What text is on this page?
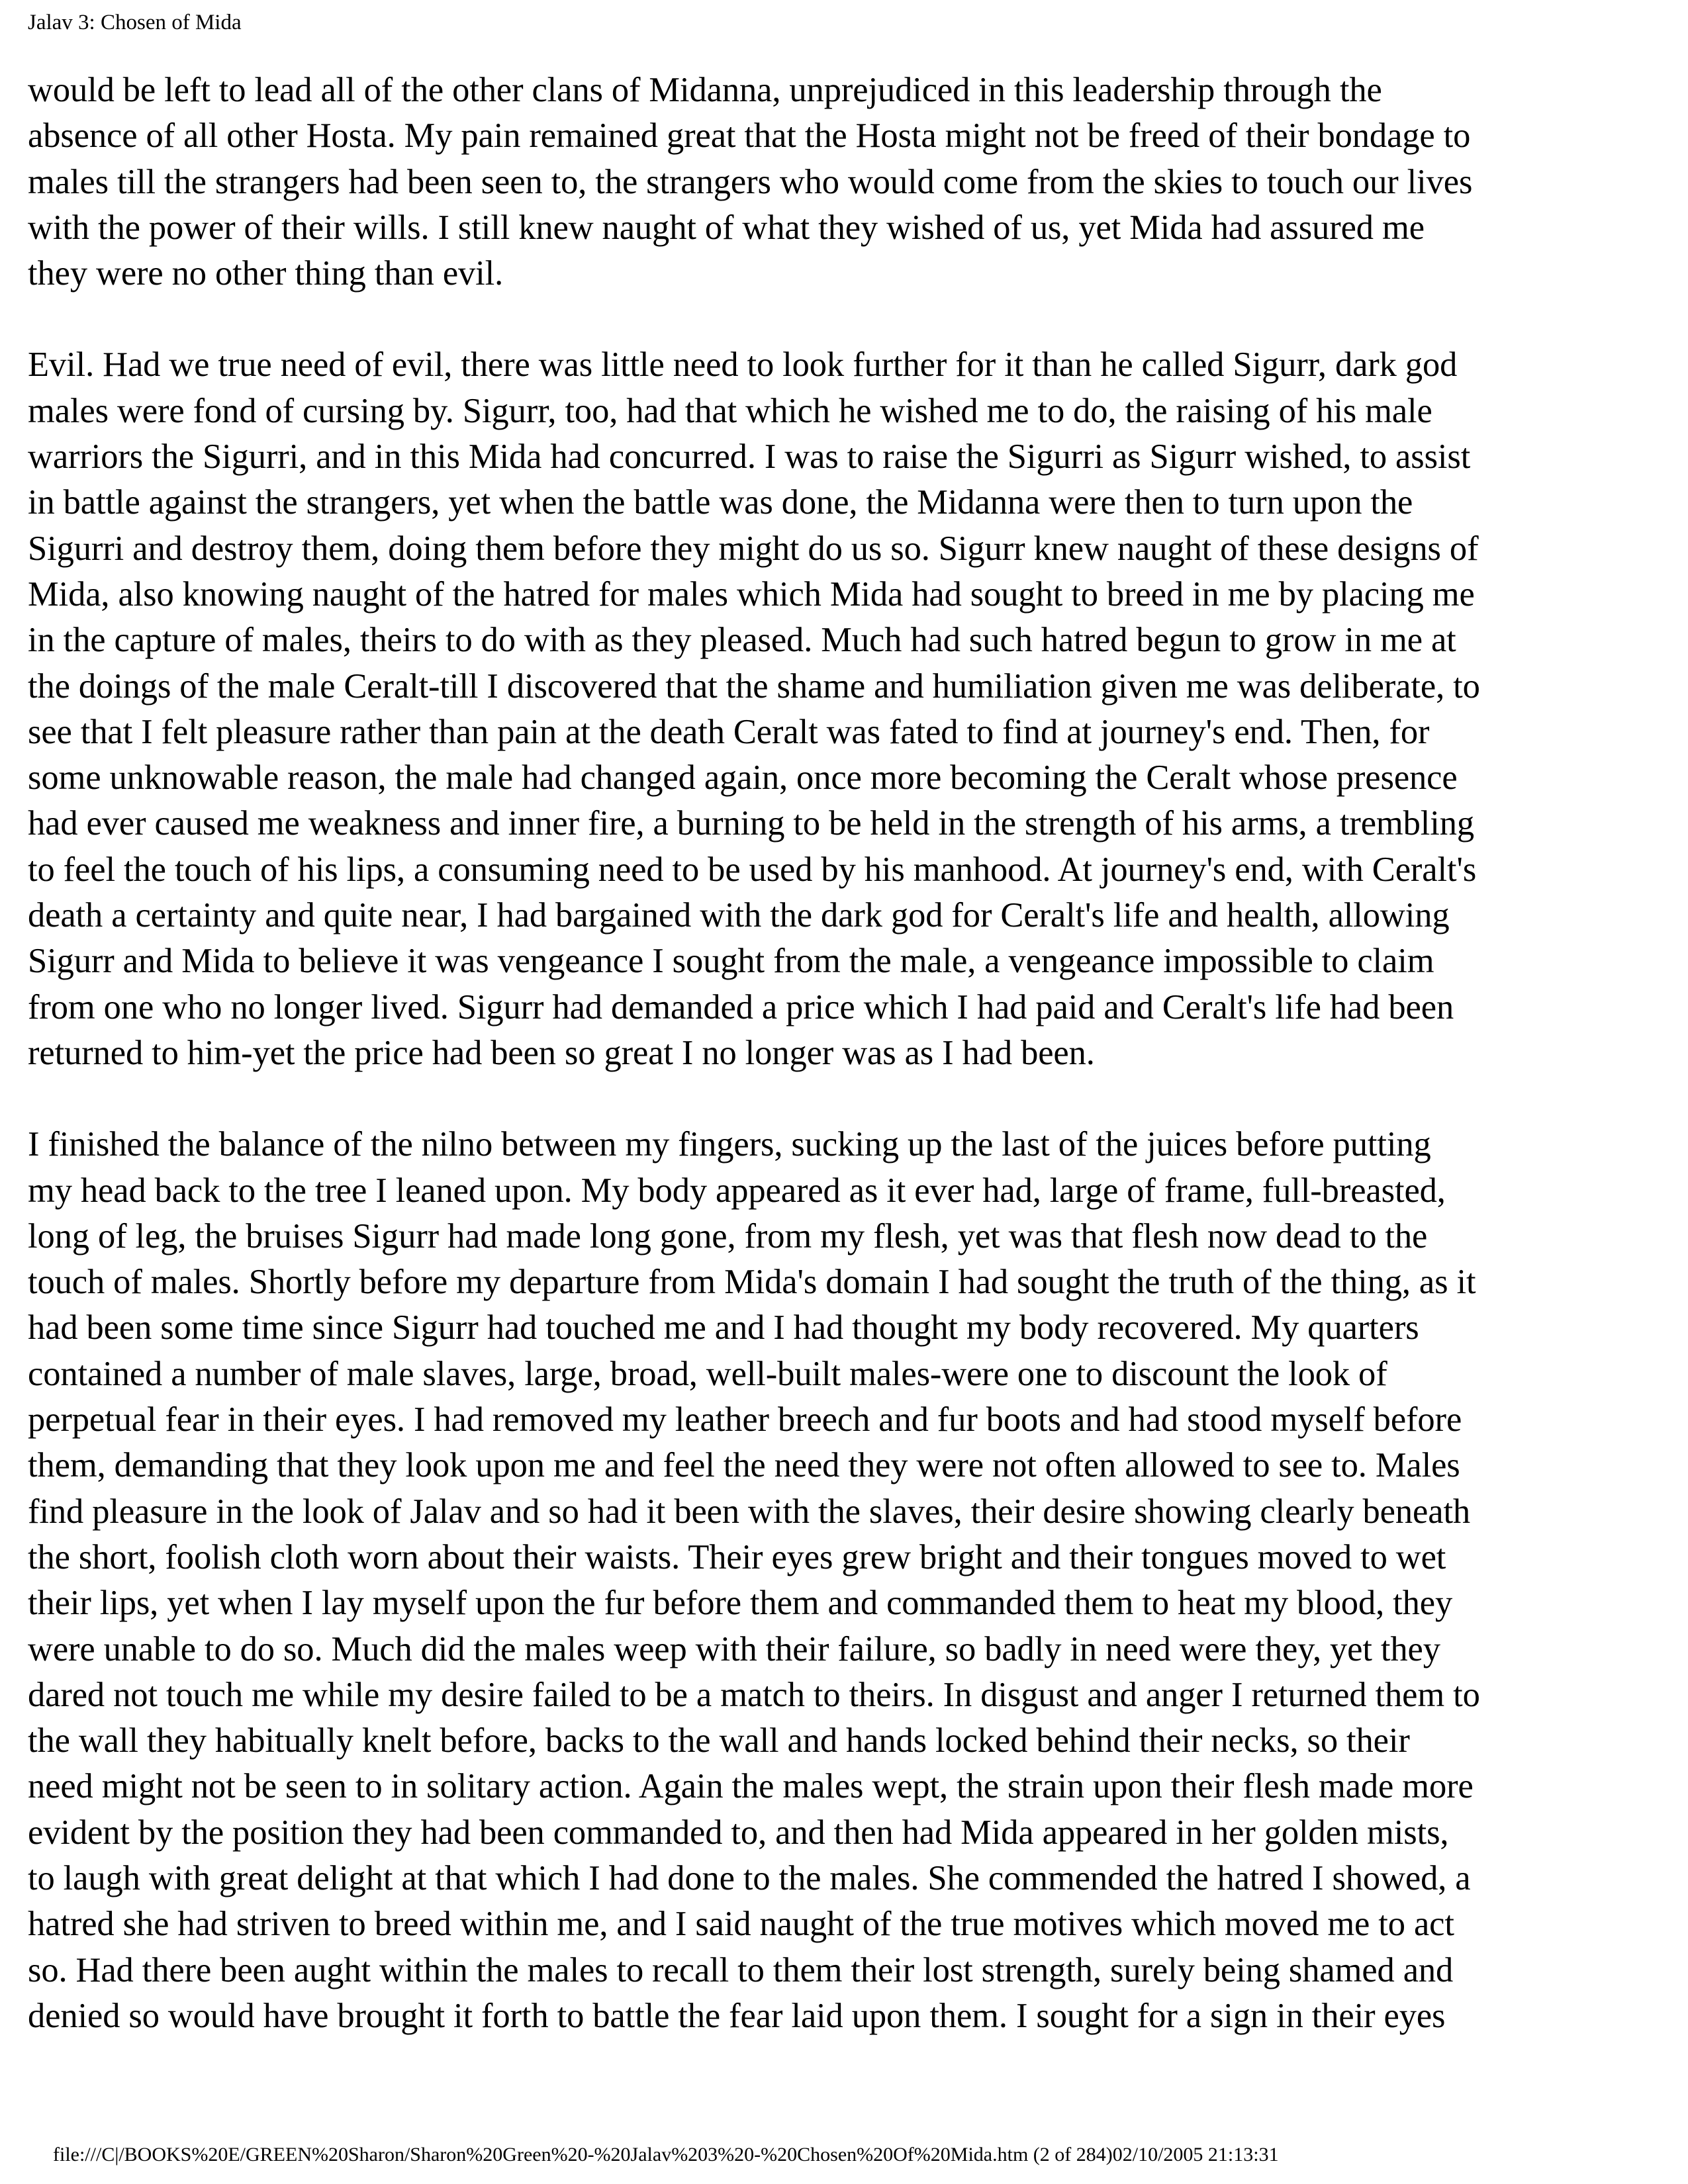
Jalav 3: Chosen of Mida

would be left to lead all of the other clans of Midanna, unprejudiced in this leadership through the
absence of all other Hosta. My pain remained great that the Hosta might not be freed of their bondage to
males till the strangers had been seen to, the strangers who would come from the skies to touch our lives
with the power of their wills. I still knew naught of what they wished of us, yet Mida had assured me
they were no other thing than evil.

Evil. Had we true need of evil, there was little need to look further for it than he called Sigurr, dark god
males were fond of cursing by. Sigurr, too, had that which he wished me to do, the raising of his male
warriors the Sigurri, and in this Mida had concurred. I was to raise the Sigurri as Sigurr wished, to assist
in battle against the strangers, yet when the battle was done, the Midanna were then to turn upon the
Sigurri and destroy them, doing them before they might do us so. Sigurr knew naught of these designs of
Mida, also knowing naught of the hatred for males which Mida had sought to breed in me by placing me
in the capture of males, theirs to do with as they pleased. Much had such hatred begun to grow in me at
the doings of the male Ceralt-till I discovered that the shame and humiliation given me was deliberate, to
see that I felt pleasure rather than pain at the death Ceralt was fated to find at journey's end. Then, for
some unknowable reason, the male had changed again, once more becoming the Ceralt whose presence
had ever caused me weakness and inner fire, a burning to be held in the strength of his arms, a trembling
to feel the touch of his lips, a consuming need to be used by his manhood. At journey's end, with Ceralt's
death a certainty and quite near, I had bargained with the dark god for Ceralt's life and health, allowing
Sigurr and Mida to believe it was vengeance I sought from the male, a vengeance impossible to claim
from one who no longer lived. Sigurr had demanded a price which I had paid and Ceralt's life had been
returned to him-yet the price had been so great I no longer was as I had been.

I finished the balance of the nilno between my fingers, sucking up the last of the juices before putting
my head back to the tree I leaned upon. My body appeared as it ever had, large of frame, full-breasted,
long of leg, the bruises Sigurr had made long gone, from my flesh, yet was that flesh now dead to the
touch of males. Shortly before my departure from Mida's domain I had sought the truth of the thing, as it
had been some time since Sigurr had touched me and I had thought my body recovered. My quarters
contained a number of male slaves, large, broad, well-built males-were one to discount the look of
perpetual fear in their eyes. I had removed my leather breech and fur boots and had stood myself before
them, demanding that they look upon me and feel the need they were not often allowed to see to. Males
find pleasure in the look of Jalav and so had it been with the slaves, their desire showing clearly beneath
the short, foolish cloth worn about their waists. Their eyes grew bright and their tongues moved to wet
their lips, yet when I lay myself upon the fur before them and commanded them to heat my blood, they
were unable to do so. Much did the males weep with their failure, so badly in need were they, yet they
dared not touch me while my desire failed to be a match to theirs. In disgust and anger I returned them to
the wall they habitually knelt before, backs to the wall and hands locked behind their necks, so their
need might not be seen to in solitary action. Again the males wept, the strain upon their flesh made more
evident by the position they had been commanded to, and then had Mida appeared in her golden mists,
to laugh with great delight at that which I had done to the males. She commended the hatred I showed, a
hatred she had striven to breed within me, and I said naught of the true motives which moved me to act
so. Had there been aught within the males to recall to them their lost strength, surely being shamed and
denied so would have brought it forth to battle the fear laid upon them. I sought for a sign in their eyes

file:///C|/BOOKS%20E/GREEN%20Sharon/Sharon%20Green%20-%20Jalav%203%20-%20Chosen%20Of%20Mida.htm (2 of 284)02/10/2005 21:13:31
